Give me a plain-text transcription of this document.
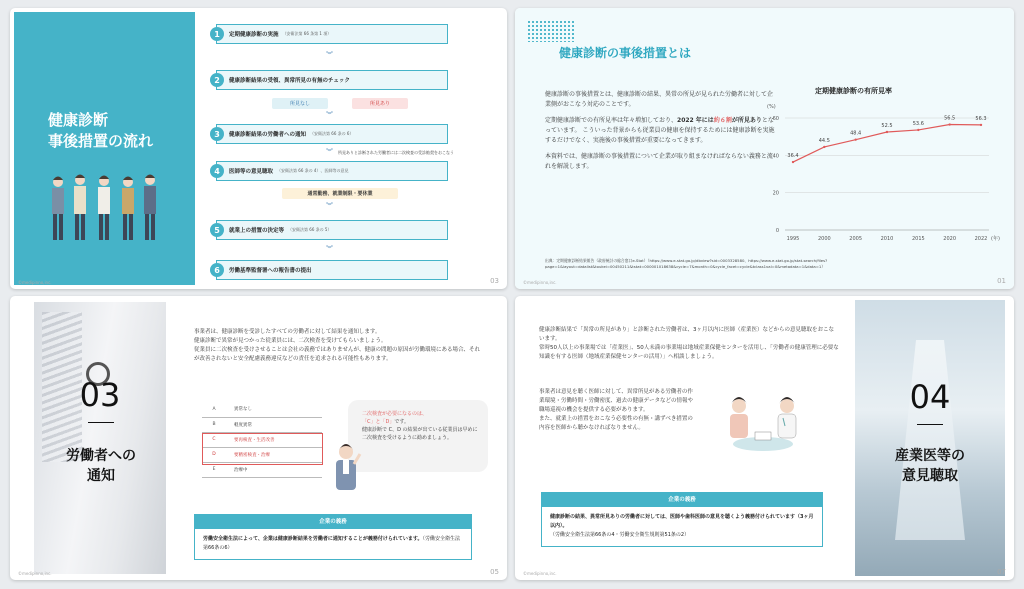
健康診断
事後措置の流れ
©medipinno,inc.
1	定期健康診断の実施 （安衛法第 66 条第 1 項）
︾
2	健康診断結果の受領、異常所見の有無のチェック
所見なし	所見あり
︾
3	健康診断結果の労働者への通知 （安衛法第 66 条の 6）
︾ 所見ありと診断された労働者には二次検査の受診勧奨をおこなう
4	医師等の意見聴取 （安衛法第 66 条の 4）、医師等の意見
通常勤務、就業制限・要休業
︾
5	就業上の措置の決定等 （安衛法第 66 条の 5）
︾
6	労働基準監督署への報告書の提出
03
健康診断の事後措置とは

健康診断の事後措置とは、健康診断の結果、異常の所見が見られた労働者に対して企業側がおこなう対応のことです。

定期健康診断での有所見率は年々増加しており、2022 年には約６割が所見ありとなっています。 こういった背景からも従業員の健康を保持するためには健康診断を実施するだけでなく、実施後の事後措置が重要になってきます。

本資料では、健康診断の事後措置について企業が取り組まなければならない義務と流れを解説します。

定期健康診断の有所見率
(%)
0
20
40
60
1995	2000	2005	2010	2015	2020	2022
36.4
44.5
48.4
52.5	53.6
56.5	56.3
(年)
出典：定期健康診断結果報告（政府統計の総合窓口e-Stat）（https://www.e-stat.go.jp/dbview?sid=0003328580、https://www.e-stat.go.jp/stat-search/files?page=1&layout=datalist&toukei=00450211&tstat=000001018638&cycle=7&month=0&cycle_facet=cycle&tclass1val=0&metadata=1&data=1）
©medipinno,inc.	01
03
労働者への
通知
事業者は、健康診断を受診したすべての労働者に対して結果を通知します。
健康診断で異常が見つかった従業員には、二次検査を受けてもらいましょう。
従業員に二次検査を受けさせることは会社の義務ではありませんが、健康の問題の原因が労働環境にある場合、それが改善されないと安全配慮義務違反などの責任を追求される可能性もあります。
A	異常なし
B	軽度異常
C	要再検査・生活改善
D	要精密検査・治療
E	治療中
二次検査が必要になるのは、
「C」と「D」です。
健康診断で C、D の結果が出ている従業員は早めに二次検査を受けるように勧めましょう。
企業の義務
労働安全衛生法によって、企業は健康診断結果を労働者に通知することが義務付けられています。（労働安全衛生法第66条の6）
©medipinno,inc.	05
健康診断結果で「異常の所見があり」と診断された労働者は、3ヶ月以内に医師（産業医）などからの意見聴取をおこないます。
常時50人以上の事業場では「産業医」、50人未満の事業場は地域産業保健センターを活用し、「労働者の健康管理に必要な知識を有する医師（地域産業保健センターの活用）」へ相談しましょう。
事業者は意見を聴く医師に対して、異常所見がある労働者の作業環境・労働時間・労働密度、過去の健康データなどの情報や職場巡視の機会を提供する必要があります。
また、就業上の措置をおこなう必要性の有無・講ずべき措置の内容を医師から聴かなければなりません。
04
産業医等の
意見聴取
企業の義務
健康診断の結果、異常所見ありの労働者に対しては、医師や歯科医師の意見を聴くよう義務付けられています（3ヶ月以内）。
（労働安全衛生法第66条の4・労働安全衛生規則第51条の2）
©medipinno,inc.	07
